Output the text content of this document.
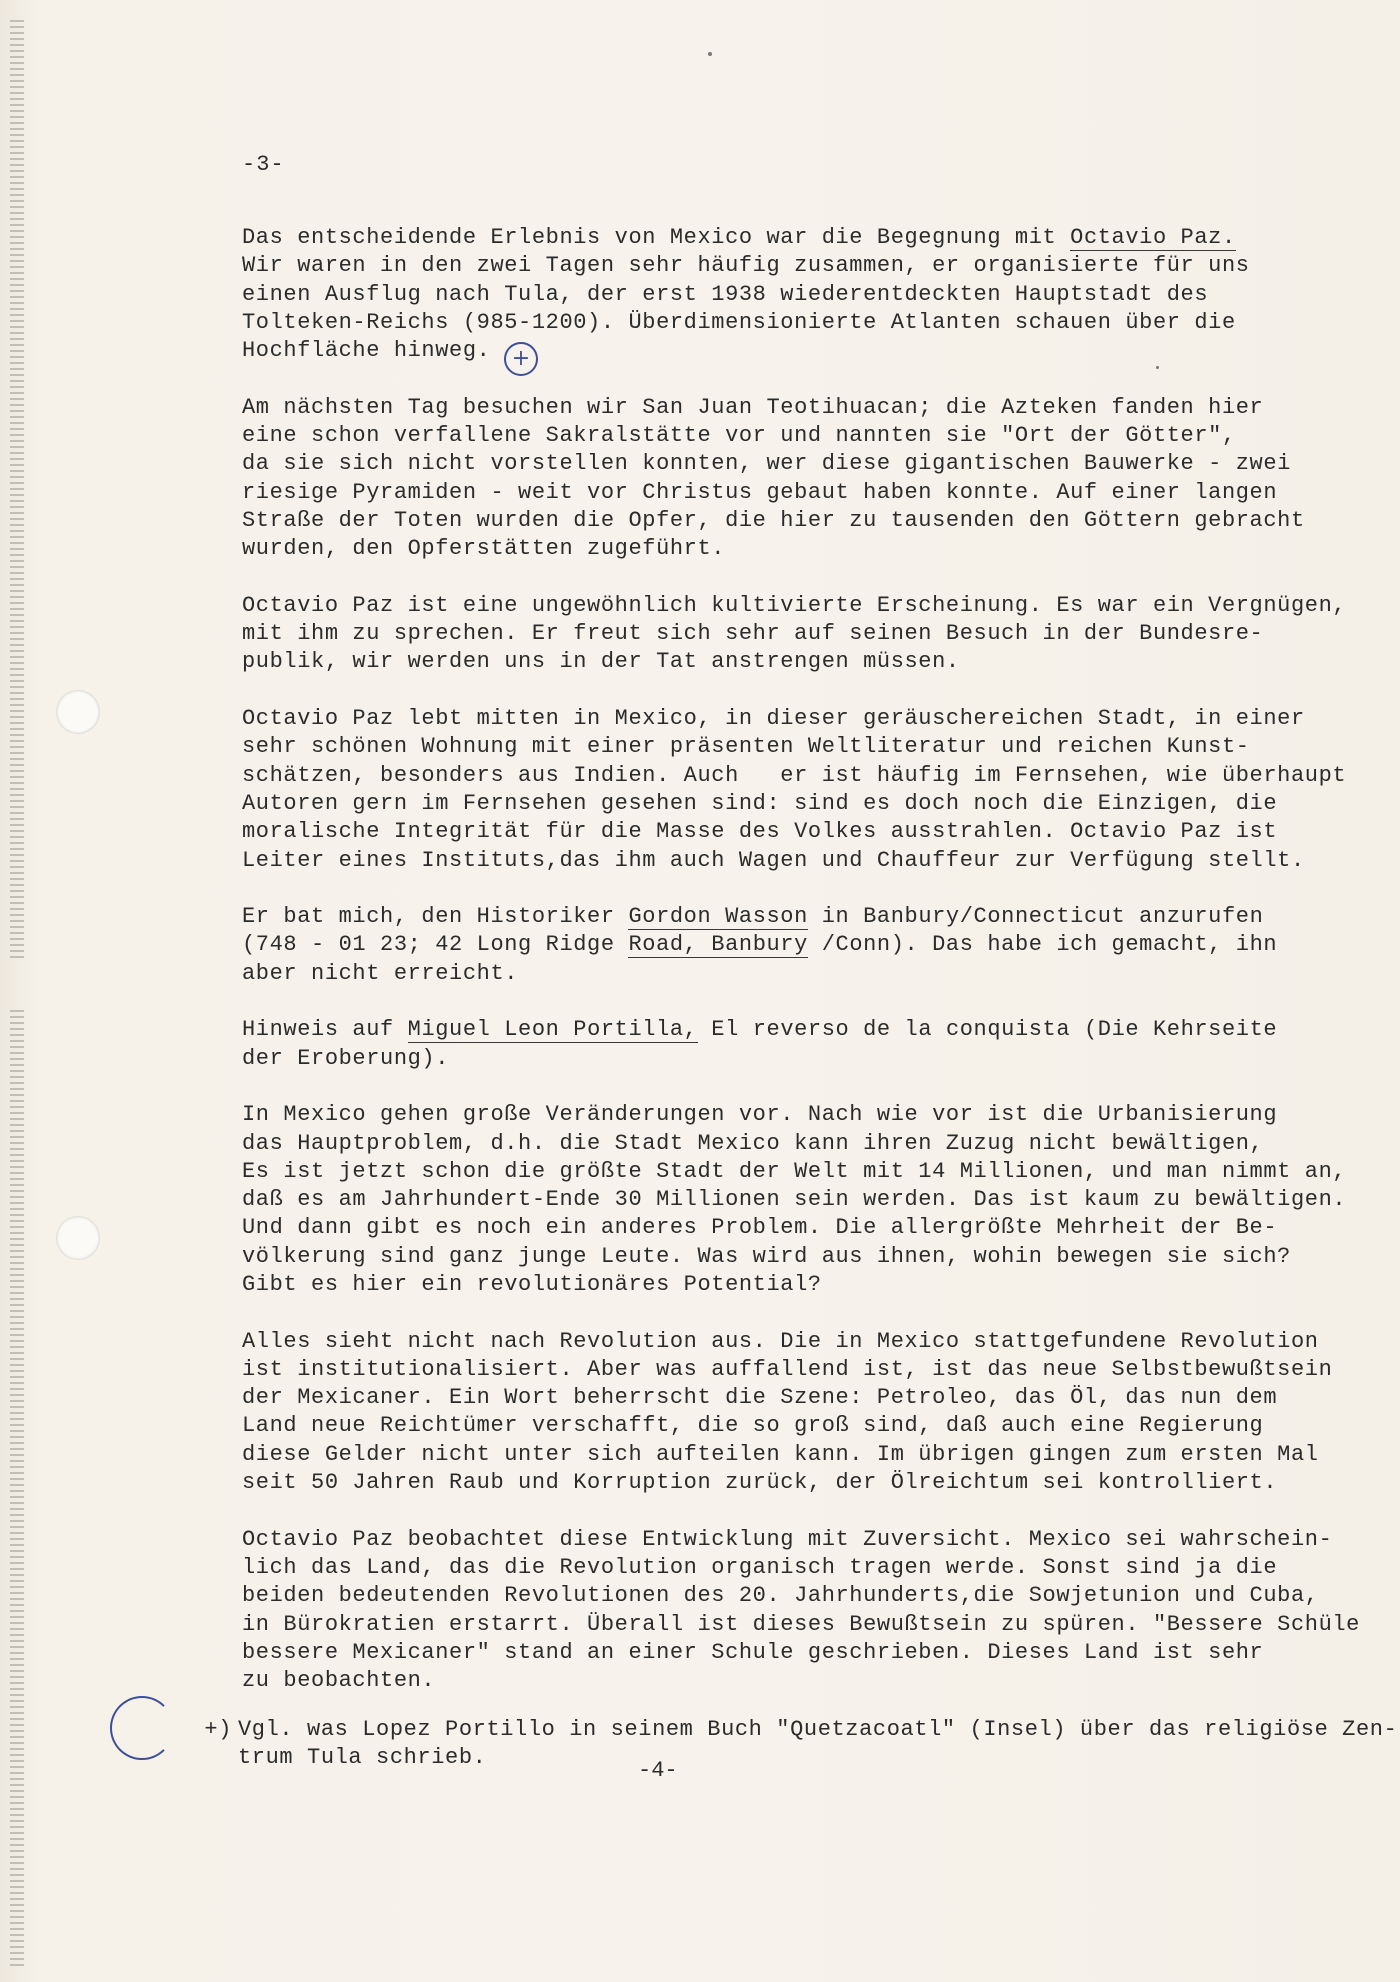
-3-
Das entscheidende Erlebnis von Mexico war die Begegnung mit Octavio Paz.
Wir waren in den zwei Tagen sehr häufig zusammen, er organisierte für uns
einen Ausflug nach Tula, der erst 1938 wiederentdeckten Hauptstadt des
Tolteken-Reichs (985-1200). Überdimensionierte Atlanten schauen über die
Hochfläche hinweg.
Am nächsten Tag besuchen wir San Juan Teotihuacan; die Azteken fanden hier
eine schon verfallene Sakralstätte vor und nannten sie "Ort der Götter",
da sie sich nicht vorstellen konnten, wer diese gigantischen Bauwerke - zwei
riesige Pyramiden - weit vor Christus gebaut haben konnte. Auf einer langen
Straße der Toten wurden die Opfer, die hier zu tausenden den Göttern gebracht
wurden, den Opferstätten zugeführt.
Octavio Paz ist eine ungewöhnlich kultivierte Erscheinung. Es war ein Vergnügen,
mit ihm zu sprechen. Er freut sich sehr auf seinen Besuch in der Bundesre-
publik, wir werden uns in der Tat anstrengen müssen.
Octavio Paz lebt mitten in Mexico, in dieser geräuschereichen Stadt, in einer
sehr schönen Wohnung mit einer präsenten Weltliteratur und reichen Kunst-
schätzen, besonders aus Indien. Auch   er ist häufig im Fernsehen, wie überhaupt
Autoren gern im Fernsehen gesehen sind: sind es doch noch die Einzigen, die
moralische Integrität für die Masse des Volkes ausstrahlen. Octavio Paz ist
Leiter eines Instituts,das ihm auch Wagen und Chauffeur zur Verfügung stellt.
Er bat mich, den Historiker Gordon Wasson in Banbury/Connecticut anzurufen
(748 - 01 23; 42 Long Ridge Road, Banbury /Conn). Das habe ich gemacht, ihn
aber nicht erreicht.
Hinweis auf Miguel Leon Portilla, El reverso de la conquista (Die Kehrseite
der Eroberung).
In Mexico gehen große Veränderungen vor. Nach wie vor ist die Urbanisierung
das Hauptproblem, d.h. die Stadt Mexico kann ihren Zuzug nicht bewältigen,
Es ist jetzt schon die größte Stadt der Welt mit 14 Millionen, und man nimmt an,
daß es am Jahrhundert-Ende 30 Millionen sein werden. Das ist kaum zu bewältigen.
Und dann gibt es noch ein anderes Problem. Die allergrößte Mehrheit der Be-
völkerung sind ganz junge Leute. Was wird aus ihnen, wohin bewegen sie sich?
Gibt es hier ein revolutionäres Potential?
Alles sieht nicht nach Revolution aus. Die in Mexico stattgefundene Revolution
ist institutionalisiert. Aber was auffallend ist, ist das neue Selbstbewußtsein
der Mexicaner. Ein Wort beherrscht die Szene: Petroleo, das Öl, das nun dem
Land neue Reichtümer verschafft, die so groß sind, daß auch eine Regierung
diese Gelder nicht unter sich aufteilen kann. Im übrigen gingen zum ersten Mal
seit 50 Jahren Raub und Korruption zurück, der Ölreichtum sei kontrolliert.
Octavio Paz beobachtet diese Entwicklung mit Zuversicht. Mexico sei wahrschein-
lich das Land, das die Revolution organisch tragen werde. Sonst sind ja die
beiden bedeutenden Revolutionen des 20. Jahrhunderts,die Sowjetunion und Cuba,
in Bürokratien erstarrt. Überall ist dieses Bewußtsein zu spüren. "Bessere Schüle
bessere Mexicaner" stand an einer Schule geschrieben. Dieses Land ist sehr
zu beobachten.
+
+) Vgl. was Lopez Portillo in seinem Buch "Quetzacoatl" (Insel) über das religiöse Zen-
trum Tula schrieb.
-4-
